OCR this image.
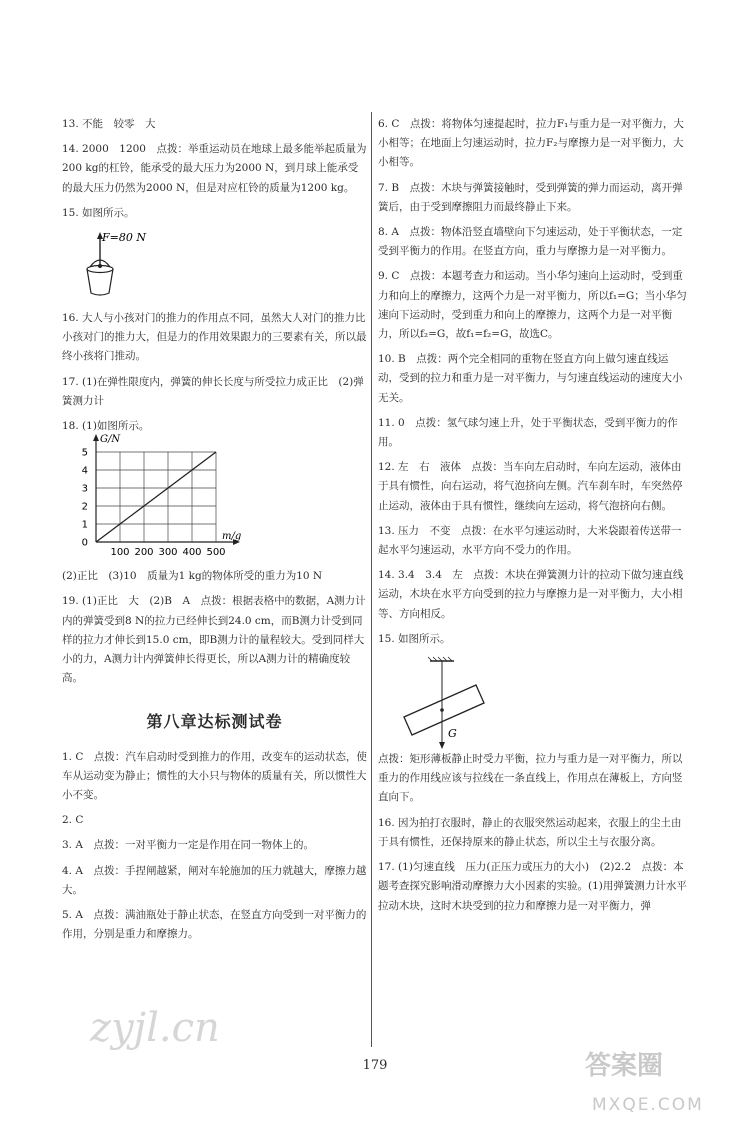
13. 不能　较零　大
14. 2000　1200　点拨：举重运动员在地球上最多能举起质量为200 kg的杠铃，能承受的最大压力为2000 N，到月球上能承受的最大压力仍然为2000 N，但是对应杠铃的质量为1200 kg。
15. 如图所示。
F=80 N
16. 大人与小孩对门的推力的作用点不同，虽然大人对门的推力比小孩对门的推力大，但是力的作用效果跟力的三要素有关，所以最终小孩将门推动。
17. (1)在弹性限度内，弹簧的伸长长度与所受拉力成正比　(2)弹簧测力计
18. (1)如图所示。
100 200 300 400 500
1
2
3
4
5
0
G/N
m/g
(2)正比　(3)10　质量为1 kg的物体所受的重力为10 N
19. (1)正比　大　(2)B　A　点拨：根据表格中的数据，A测力计内的弹簧受到8 N的拉力已经伸长到24.0 cm，而B测力计受到同样的拉力才伸长到15.0 cm，即B测力计的量程较大。受到同样大小的力，A测力计内弹簧伸长得更长，所以A测力计的精确度较高。
第八章达标测试卷
1. C　点拨：汽车启动时受到推力的作用，改变车的运动状态，使车从运动变为静止；惯性的大小只与物体的质量有关，所以惯性大小不变。
2. C
3. A　点拨：一对平衡力一定是作用在同一物体上的。
4. A　点拨：手捏闸越紧，闸对车轮施加的压力就越大，摩擦力越大。
5. A　点拨：满油瓶处于静止状态，在竖直方向受到一对平衡力的作用，分别是重力和摩擦力。
6. C　点拨：将物体匀速提起时，拉力F₁与重力是一对平衡力，大小相等；在地面上匀速运动时，拉力F₂与摩擦力是一对平衡力，大小相等。
7. B　点拨：木块与弹簧接触时，受到弹簧的弹力而运动，离开弹簧后，由于受到摩擦阻力而最终静止下来。
8. A　点拨：物体沿竖直墙壁向下匀速运动，处于平衡状态，一定受到平衡力的作用。在竖直方向，重力与摩擦力是一对平衡力。
9. C　点拨：本题考查力和运动。当小华匀速向上运动时，受到重力和向上的摩擦力，这两个力是一对平衡力，所以f₁=G；当小华匀速向下运动时，受到重力和向上的摩擦力，这两个力是一对平衡力，所以f₂=G，故f₁=f₂=G，故选C。
10. B　点拨：两个完全相同的重物在竖直方向上做匀速直线运动，受到的拉力和重力是一对平衡力，与匀速直线运动的速度大小无关。
11. 0　点拨：氢气球匀速上升，处于平衡状态，受到平衡力的作用。
12. 左　右　液体　点拨：当车向左启动时，车向左运动，液体由于具有惯性，向右运动，将气泡挤向左侧。汽车刹车时，车突然停止运动，液体由于具有惯性，继续向左运动，将气泡挤向右侧。
13. 压力　不变　点拨：在水平匀速运动时，大米袋跟着传送带一起水平匀速运动，水平方向不受力的作用。
14. 3.4　3.4　左　点拨：木块在弹簧测力计的拉动下做匀速直线运动，木块在水平方向受到的拉力与摩擦力是一对平衡力，大小相等、方向相反。
15. 如图所示。
G
点拨：矩形薄板静止时受力平衡，拉力与重力是一对平衡力，所以重力的作用线应该与拉线在一条直线上，作用点在薄板上，方向竖直向下。
16. 因为拍打衣服时，静止的衣服突然运动起来，衣服上的尘土由于具有惯性，还保持原来的静止状态，所以尘土与衣服分离。
17. (1)匀速直线　压力(正压力或压力的大小)　(2)2.2　点拨：本题考查探究影响滑动摩擦力大小因素的实验。(1)用弹簧测力计水平拉动木块，这时木块受到的拉力和摩擦力是一对平衡力，弹
179
zyjl.cn
答案圈
MXQE.COM
